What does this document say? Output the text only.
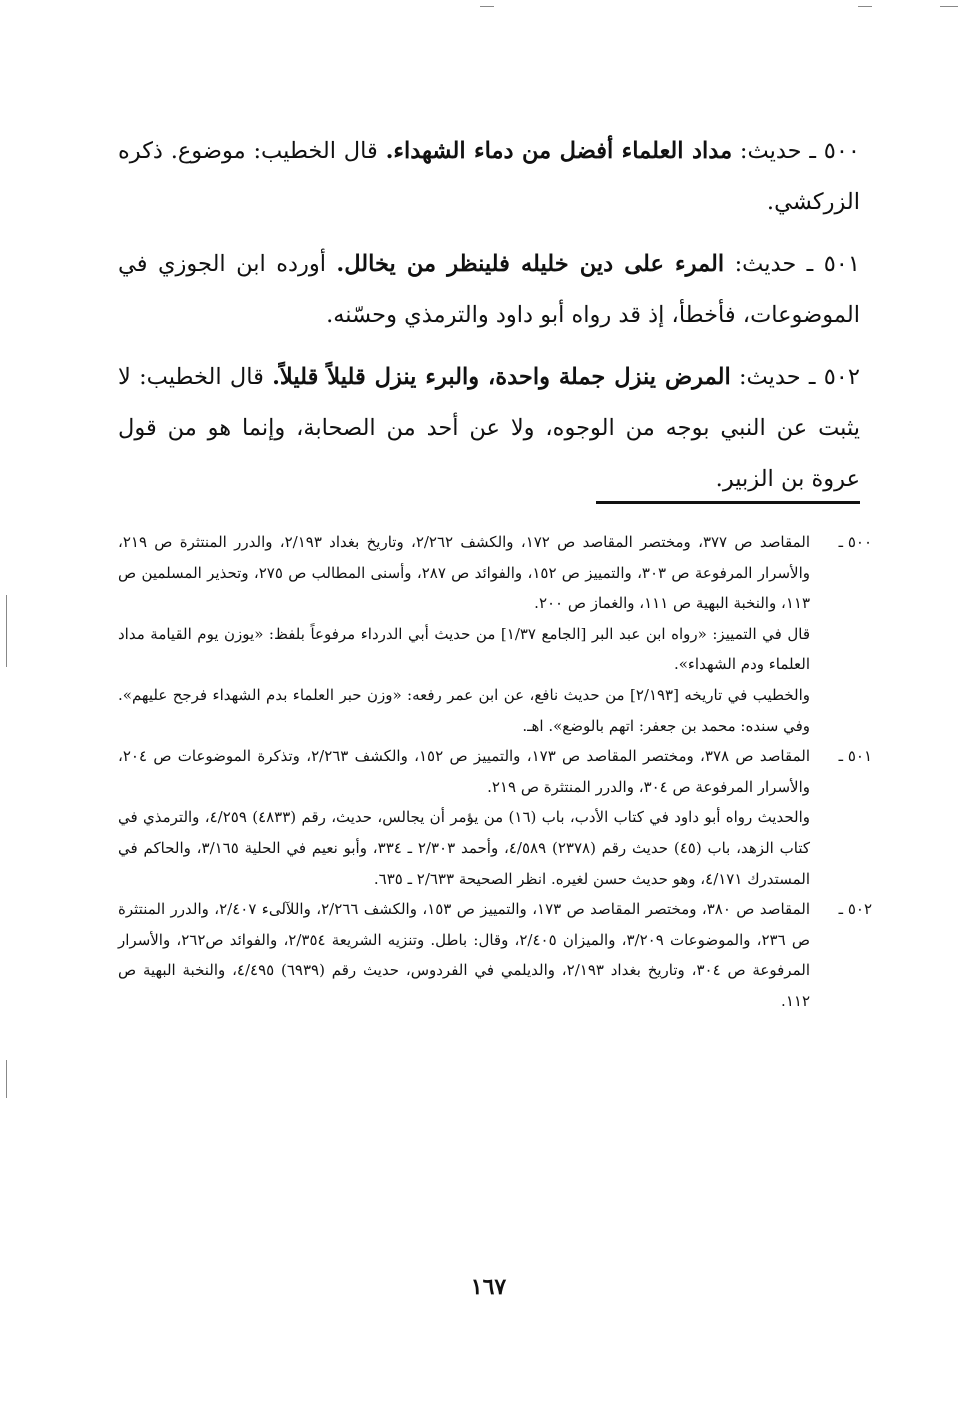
٥٠٠ ـ حديث: مداد العلماء أفضل من دماء الشهداء. قال الخطيب: موضوع. ذكره الزركشي.

٥٠١ ـ حديث: المرء على دين خليله فلينظر من يخالل. أورده ابن الجوزي في الموضوعات، فأخطأ، إذ قد رواه أبو داود والترمذي وحسّنه.

٥٠٢ ـ حديث: المرض ينزل جملة واحدة، والبرء ينزل قليلاً قليلاً. قال الخطيب: لا يثبت عن النبي بوجه من الوجوه، ولا عن أحد من الصحابة، وإنما هو من قول عروة بن الزبير.

٥٠٠ ـ
المقاصد ص ٣٧٧، ومختصر المقاصد ص ١٧٢، والكشف ٢/٢٦٢، وتاريخ بغداد ٢/١٩٣، والدرر المنتثرة ص ٢١٩، والأسرار المرفوعة ص ٣٠٣، والتمييز ص ١٥٢، والفوائد ص ٢٨٧، وأسنى المطالب ص ٢٧٥، وتحذير المسلمين ص ١١٣، والنخبة البهية ص ١١١، والغماز ص ٢٠٠.
قال في التمييز: «رواه ابن عبد البر [الجامع ١/٣٧] من حديث أبي الدرداء مرفوعاً بلفظ: «يوزن يوم القيامة مداد العلماء ودم الشهداء».
والخطيب في تاريخه [٢/١٩٣] من حديث نافع، عن ابن عمر رفعه: «وزن حبر العلماء بدم الشهداء فرجح عليهم». وفي سنده: محمد بن جعفر: اتهم بالوضع». اهـ.
٥٠١ ـ
المقاصد ص ٣٧٨، ومختصر المقاصد ص ١٧٣، والتمييز ص ١٥٢، والكشف ٢/٢٦٣، وتذكرة الموضوعات ص ٢٠٤، والأسرار المرفوعة ص ٣٠٤، والدرر المنتثرة ص ٢١٩.
والحديث رواه أبو داود في كتاب الأدب، باب (١٦) من يؤمر أن يجالس، حديث، رقم (٤٨٣٣) ٤/٢٥٩، والترمذي في كتاب الزهد، باب (٤٥) حديث رقم (٢٣٧٨) ٤/٥٨٩، وأحمد ٢/٣٠٣ ـ ٣٣٤، وأبو نعيم في الحلية ٣/١٦٥، والحاكم في المستدرك ٤/١٧١، وهو حديث حسن لغيره. انظر الصحيحة ٢/٦٣٣ ـ ٦٣٥.
٥٠٢ ـ
المقاصد ص ٣٨٠، ومختصر المقاصد ص ١٧٣، والتمييز ص ١٥٣، والكشف ٢/٢٦٦، واللآلىء ٢/٤٠٧، والدرر المنتثرة ص ٢٣٦، والموضوعات ٣/٢٠٩، والميزان ٢/٤٠٥، وقال: باطل. وتنزيه الشريعة ٢/٣٥٤، والفوائد ص٢٦٢، والأسرار المرفوعة ص ٣٠٤، وتاريخ بغداد ٢/١٩٣، والديلمي في الفردوس، حديث رقم (٦٩٣٩) ٤/٤٩٥، والنخبة البهية ص ١١٢.
١٦٧
